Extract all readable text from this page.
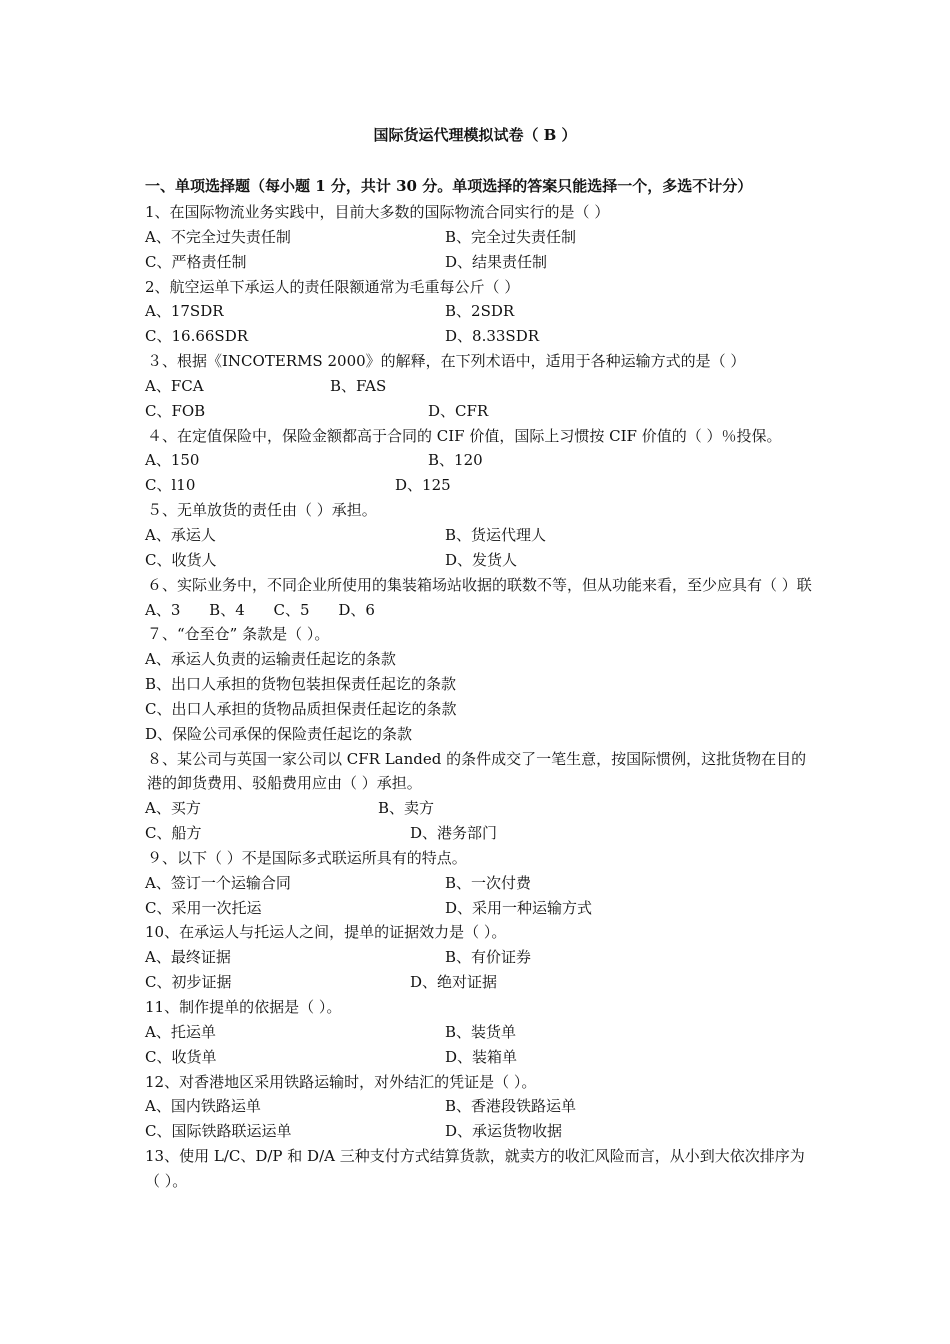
国际货运代理模拟试卷（ B ）
一、单项选择题（每小题 1 分，共计 30 分。单项选择的答案只能选择一个，多选不计分）
1、在国际物流业务实践中，目前大多数的国际物流合同实行的是（ ）
A、不完全过失责任制	B、完全过失责任制
C、严格责任制	D、结果责任制
2、航空运单下承运人的责任限额通常为毛重每公斤（ ）
A、17SDR	B、2SDR
C、16.66SDR	D、8.33SDR
３、根据《INCOTERMS 2000》的解释，在下列术语中，适用于各种运输方式的是（ ）
A、FCA	B、FAS
C、FOB	D、CFR
４、在定值保险中，保险金额都高于合同的 CIF 价值，国际上习惯按 CIF 价值的（ ）％投保。
A、150	B、120
C、l10	D、125
５、无单放货的责任由（ ）承担。
A、承运人	B、货运代理人
C、收货人	D、发货人
６、实际业务中，不同企业所使用的集装箱场站收据的联数不等，但从功能来看，至少应具有（ ）联
A、3 B、4 C、5 D、6
７、“仓至仓” 条款是（ ）。
A、承运人负责的运输责任起讫的条款
B、出口人承担的货物包装担保责任起讫的条款
C、出口人承担的货物品质担保责任起讫的条款
D、保险公司承保的保险责任起讫的条款
８、某公司与英国一家公司以 CFR Landed 的条件成交了一笔生意，按国际惯例，这批货物在目的港的卸货费用、驳船费用应由（ ）承担。
A、买方	B、卖方
C、船方	D、港务部门
９、以下（ ）不是国际多式联运所具有的特点。
A、签订一个运输合同	B、一次付费
C、采用一次托运	D、采用一种运输方式
10、在承运人与托运人之间，提单的证据效力是（ ）。
A、最终证据	B、有价证券
C、初步证据	D、绝对证据
11、制作提单的依据是（ ）。
A、托运单	B、装货单
C、收货单	D、装箱单
12、对香港地区采用铁路运输时，对外结汇的凭证是（ ）。
A、国内铁路运单	B、香港段铁路运单
C、国际铁路联运运单	D、承运货物收据
13、使用 L/C、D/P 和 D/A 三种支付方式结算货款，就卖方的收汇风险而言，从小到大依次排序为（ ）。
